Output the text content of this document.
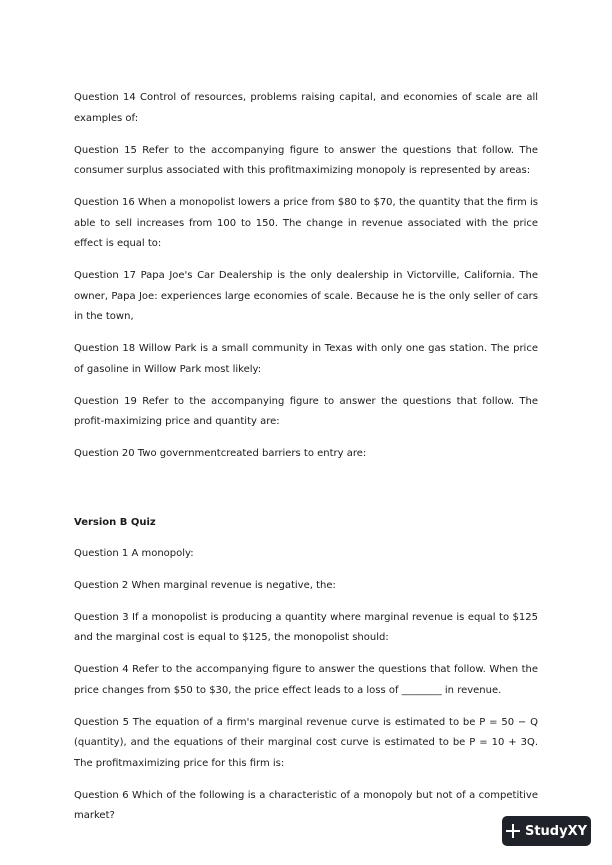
Question 14 Control of resources, problems raising capital, and economies of scale are all examples of:

Question 15 Refer to the accompanying figure to answer the questions that follow. The consumer surplus associated with this profitmaximizing monopoly is represented by areas:

Question 16 When a monopolist lowers a price from $80 to $70, the quantity that the firm is able to sell increases from 100 to 150. The change in revenue associated with the price effect is equal to:

Question 17 Papa Joe's Car Dealership is the only dealership in Victorville, California. The owner, Papa Joe: experiences large economies of scale. Because he is the only seller of cars in the town,

Question 18 Willow Park is a small community in Texas with only one gas station. The price of gasoline in Willow Park most likely:

Question 19 Refer to the accompanying figure to answer the questions that follow. The profit-maximizing price and quantity are:

Question 20 Two governmentcreated barriers to entry are:

Version B Quiz

Question 1 A monopoly:

Question 2 When marginal revenue is negative, the:

Question 3 If a monopolist is producing a quantity where marginal revenue is equal to $125 and the marginal cost is equal to $125, the monopolist should:

Question 4 Refer to the accompanying figure to answer the questions that follow. When the price changes from $50 to $30, the price effect leads to a loss of ________ in revenue.

Question 5 The equation of a firm's marginal revenue curve is estimated to be P = 50 − Q (quantity), and the equations of their marginal cost curve is estimated to be P = 10 + 3Q. The profitmaximizing price for this firm is:

Question 6 Which of the following is a characteristic of a monopoly but not of a competitive market?

StudyXY
